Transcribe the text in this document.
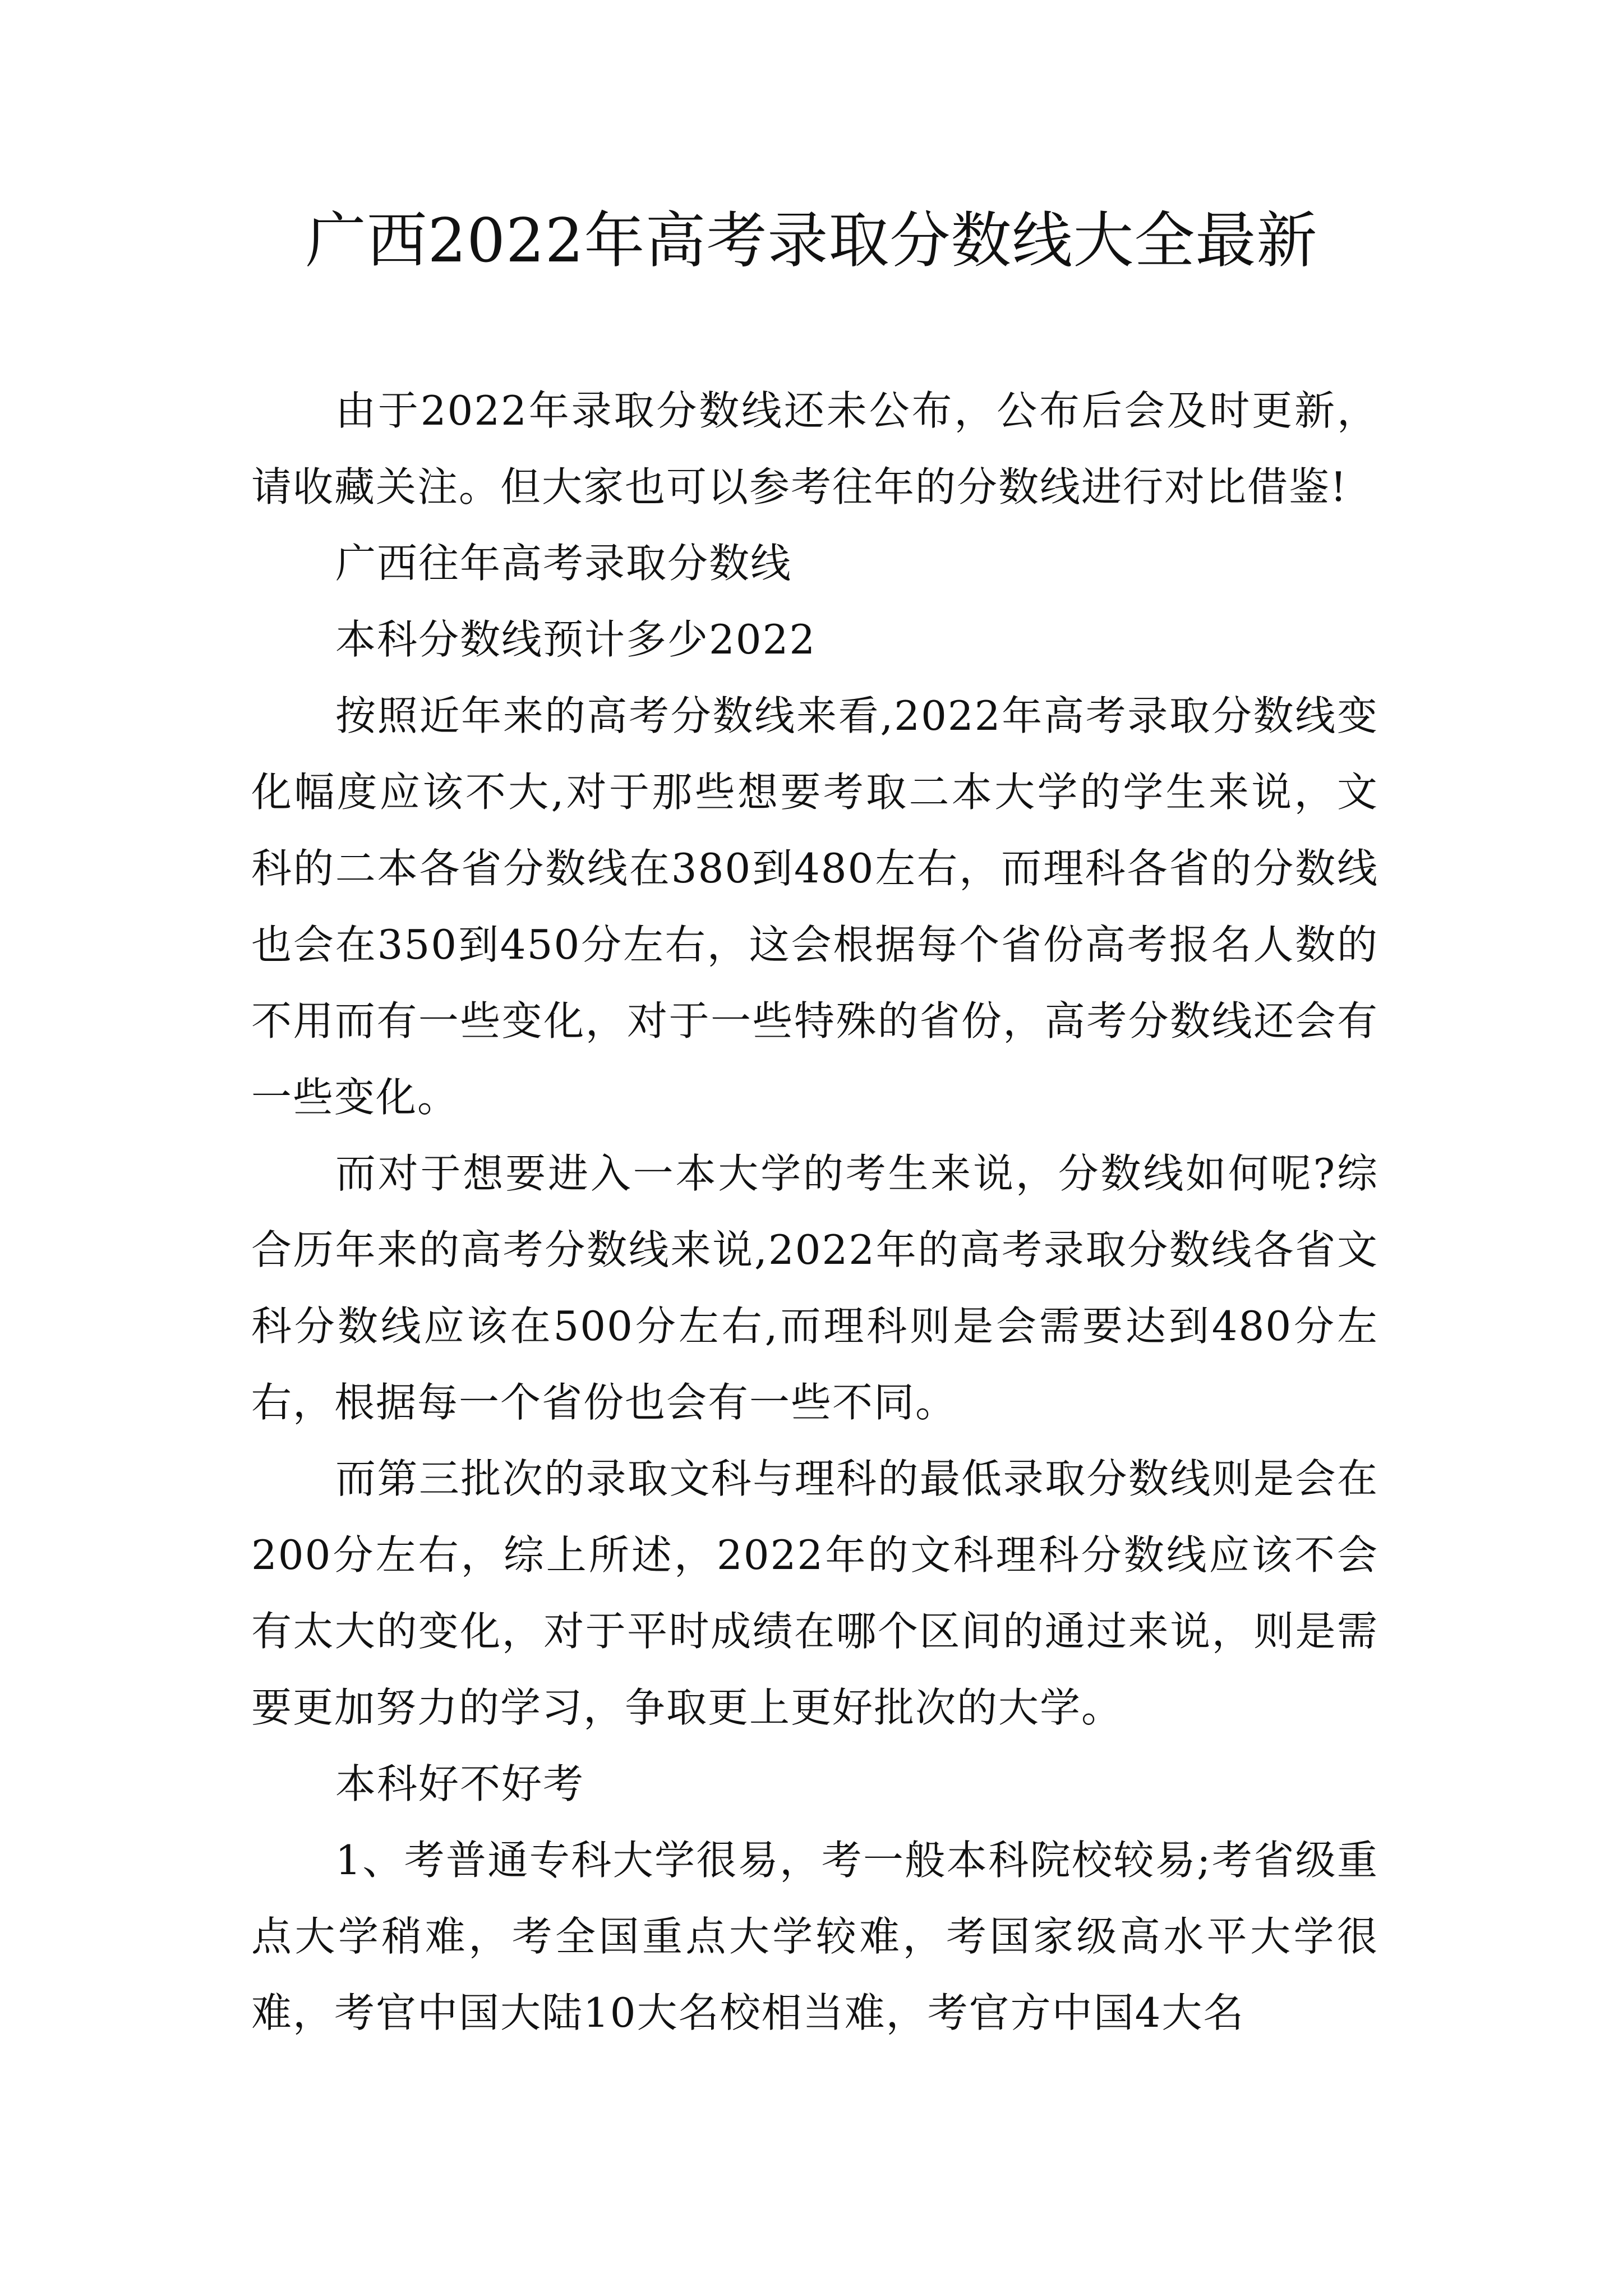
广西2022年高考录取分数线大全最新

由于2022年录取分数线还未公布，公布后会及时更新，请收藏关注。但大家也可以参考往年的分数线进行对比借鉴!

广西往年高考录取分数线

本科分数线预计多少2022

按照近年来的高考分数线来看,2022年高考录取分数线变化幅度应该不大,对于那些想要考取二本大学的学生来说，文科的二本各省分数线在380到480左右，而理科各省的分数线也会在350到450分左右，这会根据每个省份高考报名人数的不用而有一些变化，对于一些特殊的省份，高考分数线还会有一些变化。

而对于想要进入一本大学的考生来说，分数线如何呢?综合历年来的高考分数线来说,2022年的高考录取分数线各省文科分数线应该在500分左右,而理科则是会需要达到480分左右，根据每一个省份也会有一些不同。

而第三批次的录取文科与理科的最低录取分数线则是会在200分左右，综上所述，2022年的文科理科分数线应该不会有太大的变化，对于平时成绩在哪个区间的通过来说，则是需要更加努力的学习，争取更上更好批次的大学。

本科好不好考

1、考普通专科大学很易，考一般本科院校较易;考省级重点大学稍难，考全国重点大学较难，考国家级高水平大学很难，考官中国大陆10大名校相当难，考官方中国4大名
